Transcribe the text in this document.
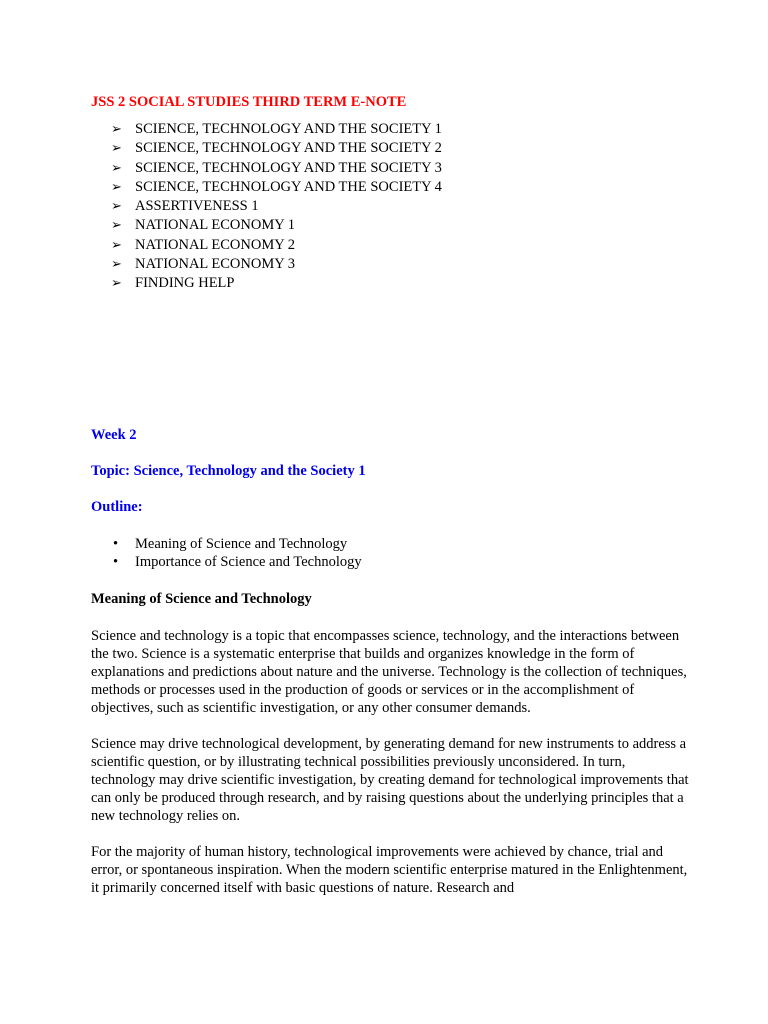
JSS 2 SOCIAL STUDIES THIRD TERM E-NOTE

➢ SCIENCE, TECHNOLOGY AND THE SOCIETY 1
➢ SCIENCE, TECHNOLOGY AND THE SOCIETY 2
➢ SCIENCE, TECHNOLOGY AND THE SOCIETY 3
➢ SCIENCE, TECHNOLOGY AND THE SOCIETY 4
➢ ASSERTIVENESS 1
➢ NATIONAL ECONOMY 1
➢ NATIONAL ECONOMY 2
➢ NATIONAL ECONOMY 3
➢ FINDING HELP

Week 2

Topic: Science, Technology and the Society 1

Outline:

• Meaning of Science and Technology
• Importance of Science and Technology

Meaning of Science and Technology

Science and technology is a topic that encompasses science, technology, and the interactions between the two. Science is a systematic enterprise that builds and organizes knowledge in the form of explanations and predictions about nature and the universe. Technology is the collection of techniques, methods or processes used in the production of goods or services or in the accomplishment of objectives, such as scientific investigation, or any other consumer demands.

Science may drive technological development, by generating demand for new instruments to address a scientific question, or by illustrating technical possibilities previously unconsidered. In turn, technology may drive scientific investigation, by creating demand for technological improvements that can only be produced through research, and by raising questions about the underlying principles that a new technology relies on.

For the majority of human history, technological improvements were achieved by chance, trial and error, or spontaneous inspiration. When the modern scientific enterprise matured in the Enlightenment, it primarily concerned itself with basic questions of nature. Research and
